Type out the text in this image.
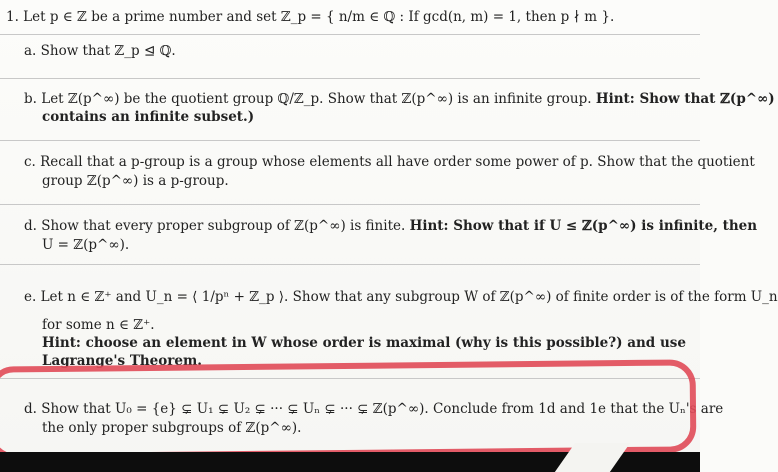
1. Let p ∈ ℤ be a prime number and set ℤ_p = { n/m ∈ ℚ : If gcd(n, m) = 1, then p ∤ m }.
a. Show that ℤ_p ⊴ ℚ.
b. Let ℤ(p^∞) be the quotient group ℚ/ℤ_p. Show that ℤ(p^∞) is an infinite group. Hint: Show that ℤ(p^∞)
contains an infinite subset.)
c. Recall that a p-group is a group whose elements all have order some power of p. Show that the quotient
group ℤ(p^∞) is a p-group.
d. Show that every proper subgroup of ℤ(p^∞) is finite. Hint: Show that if U ≤ ℤ(p^∞) is infinite, then
U = ℤ(p^∞).
e. Let n ∈ ℤ⁺ and U_n = ⟨ 1/pⁿ + ℤ_p ⟩. Show that any subgroup W of ℤ(p^∞) of finite order is of the form U_n
for some n ∈ ℤ⁺.
Hint: choose an element in W whose order is maximal (why is this possible?) and use
Lagrange's Theorem.
d. Show that U₀ = {e} ⊊ U₁ ⊊ U₂ ⊊ ··· ⊊ Uₙ ⊊ ··· ⊊ ℤ(p^∞). Conclude from 1d and 1e that the Uₙ's are
the only proper subgroups of ℤ(p^∞).
